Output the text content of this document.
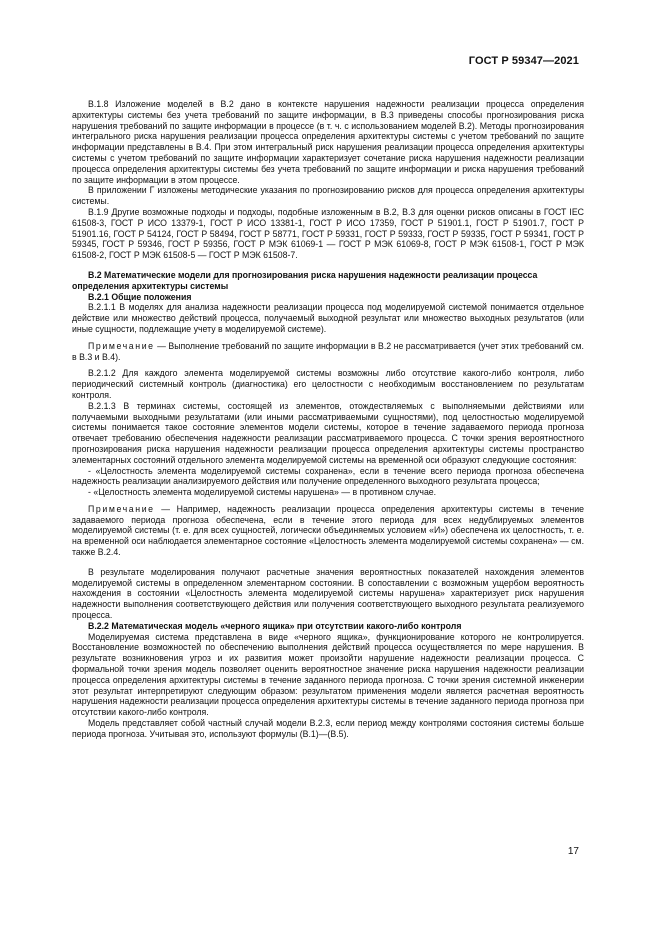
ГОСТ Р 59347—2021

В.1.8 Изложение моделей в В.2 дано в контексте нарушения надежности реализации процесса определения архитектуры системы без учета требований по защите информации, в В.3 приведены способы прогнозирования риска нарушения требований по защите информации в процессе (в т. ч. с использованием моделей В.2). Методы прогнозирования интегрального риска нарушения реализации процесса определения архитектуры системы с учетом требований по защите информации представлены в В.4. При этом интегральный риск нарушения реализации процесса определения архитектуры системы с учетом требований по защите информации характеризует сочетание риска нарушения надежности реализации процесса определения архитектуры системы без учета требований по защите информации и риска нарушения требований по защите информации в этом процессе.

В приложении Г изложены методические указания по прогнозированию рисков для процесса определения архитектуры системы.

В.1.9 Другие возможные подходы и подходы, подобные изложенным в В.2, В.3 для оценки рисков описаны в ГОСТ IEC 61508-3, ГОСТ Р ИСО 13379-1, ГОСТ Р ИСО 13381-1, ГОСТ Р ИСО 17359, ГОСТ Р 51901.1, ГОСТ Р 51901.7, ГОСТ Р 51901.16, ГОСТ Р 54124, ГОСТ Р 58494, ГОСТ Р 58771, ГОСТ Р 59331, ГОСТ Р 59333, ГОСТ Р 59335, ГОСТ Р 59341, ГОСТ Р 59345, ГОСТ Р 59346, ГОСТ Р 59356, ГОСТ Р МЭК 61069-1 — ГОСТ Р МЭК 61069-8, ГОСТ Р МЭК 61508-1, ГОСТ Р МЭК 61508-2, ГОСТ Р МЭК 61508-5 — ГОСТ Р МЭК 61508-7.

В.2 Математические модели для прогнозирования риска нарушения надежности реализации процесса определения архитектуры системы

В.2.1 Общие положения

В.2.1.1 В моделях для анализа надежности реализации процесса под моделируемой системой понимается отдельное действие или множество действий процесса, получаемый выходной результат или множество выходных результатов (или иные сущности, подлежащие учету в моделируемой системе).

Примечание — Выполнение требований по защите информации в В.2 не рассматривается (учет этих требований см. в В.3 и В.4).

В.2.1.2 Для каждого элемента моделируемой системы возможны либо отсутствие какого-либо контроля, либо периодический системный контроль (диагностика) его целостности с необходимым восстановлением по результатам контроля.

В.2.1.3 В терминах системы, состоящей из элементов, отождествляемых с выполняемыми действиями или получаемыми выходными результатами (или иными рассматриваемыми сущностями), под целостностью моделируемой системы понимается такое состояние элементов модели системы, которое в течение задаваемого периода прогноза отвечает требованию обеспечения надежности реализации рассматриваемого процесса. С точки зрения вероятностного прогнозирования риска нарушения надежности реализации процесса определения архитектуры системы пространство элементарных состояний отдельного элемента моделируемой системы на временной оси образуют следующие состояния:

- «Целостность элемента моделируемой системы сохранена», если в течение всего периода прогноза обеспечена надежность реализации анализируемого действия или получение определенного выходного результата процесса;

- «Целостность элемента моделируемой системы нарушена» — в противном случае.

Примечание — Например, надежность реализации процесса определения архитектуры системы в течение задаваемого периода прогноза обеспечена, если в течение этого периода для всех недублируемых элементов моделируемой системы (т. е. для всех сущностей, логически объединяемых условием «И») обеспечена их целостность, т. е. на временной оси наблюдается элементарное состояние «Целостность элемента моделируемой системы сохранена» — см. также В.2.4.

В результате моделирования получают расчетные значения вероятностных показателей нахождения элементов моделируемой системы в определенном элементарном состоянии. В сопоставлении с возможным ущербом вероятность нахождения в состоянии «Целостность элемента моделируемой системы нарушена» характеризует риск нарушения надежности выполнения соответствующего действия или получения соответствующего выходного результата реализуемого процесса.

В.2.2 Математическая модель «черного ящика» при отсутствии какого-либо контроля

Моделируемая система представлена в виде «черного ящика», функционирование которого не контролируется. Восстановление возможностей по обеспечению выполнения действий процесса осуществляется по мере нарушения. В результате возникновения угроз и их развития может произойти нарушение надежности реализации процесса. С формальной точки зрения модель позволяет оценить вероятностное значение риска нарушения надежности реализации процесса определения архитектуры системы в течение заданного периода прогноза. С точки зрения системной инженерии этот результат интерпретируют следующим образом: результатом применения модели является расчетная вероятность нарушения надежности реализации процесса определения архитектуры системы в течение заданного периода прогноза при отсутствии какого-либо контроля.

Модель представляет собой частный случай модели В.2.3, если период между контролями состояния системы больше периода прогноза. Учитывая это, используют формулы (В.1)—(В.5).

17
